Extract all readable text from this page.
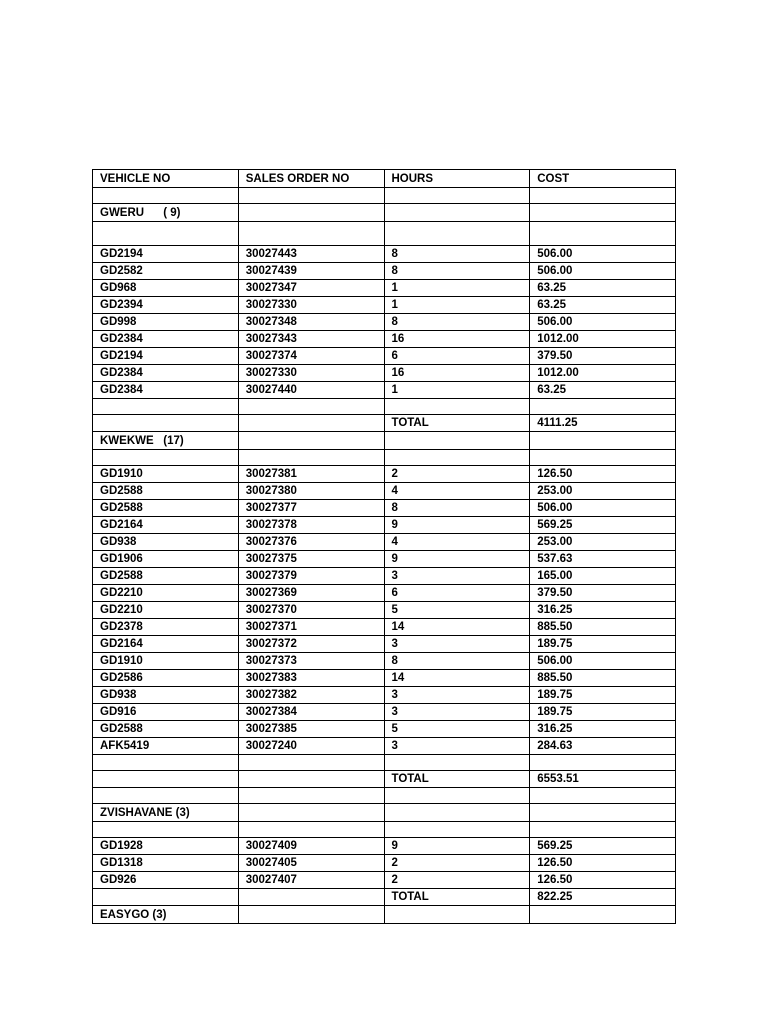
VEHICLE NO	SALES ORDER NO	HOURS	COST

GWERU      ( 9)			

GD2194	30027443	8	506.00
GD2582	30027439	8	506.00
GD968	30027347	1	63.25
GD2394	30027330	1	63.25
GD998	30027348	8	506.00
GD2384	30027343	16	1012.00
GD2194	30027374	6	379.50
GD2384	30027330	16	1012.00
GD2384	30027440	1	63.25

		TOTAL	4111.25
KWEKWE   (17)			

GD1910	30027381	2	126.50
GD2588	30027380	4	253.00
GD2588	30027377	8	506.00
GD2164	30027378	9	569.25
GD938	30027376	4	253.00
GD1906	30027375	9	537.63
GD2588	30027379	3	165.00
GD2210	30027369	6	379.50
GD2210	30027370	5	316.25
GD2378	30027371	14	885.50
GD2164	30027372	3	189.75
GD1910	30027373	8	506.00
GD2586	30027383	14	885.50
GD938	30027382	3	189.75
GD916	30027384	3	189.75
GD2588	30027385	5	316.25
AFK5419	30027240	3	284.63

		TOTAL	6553.51

ZVISHAVANE (3)			

GD1928	30027409	9	569.25
GD1318	30027405	2	126.50
GD926	30027407	2	126.50
		TOTAL	822.25
EASYGO (3)			
